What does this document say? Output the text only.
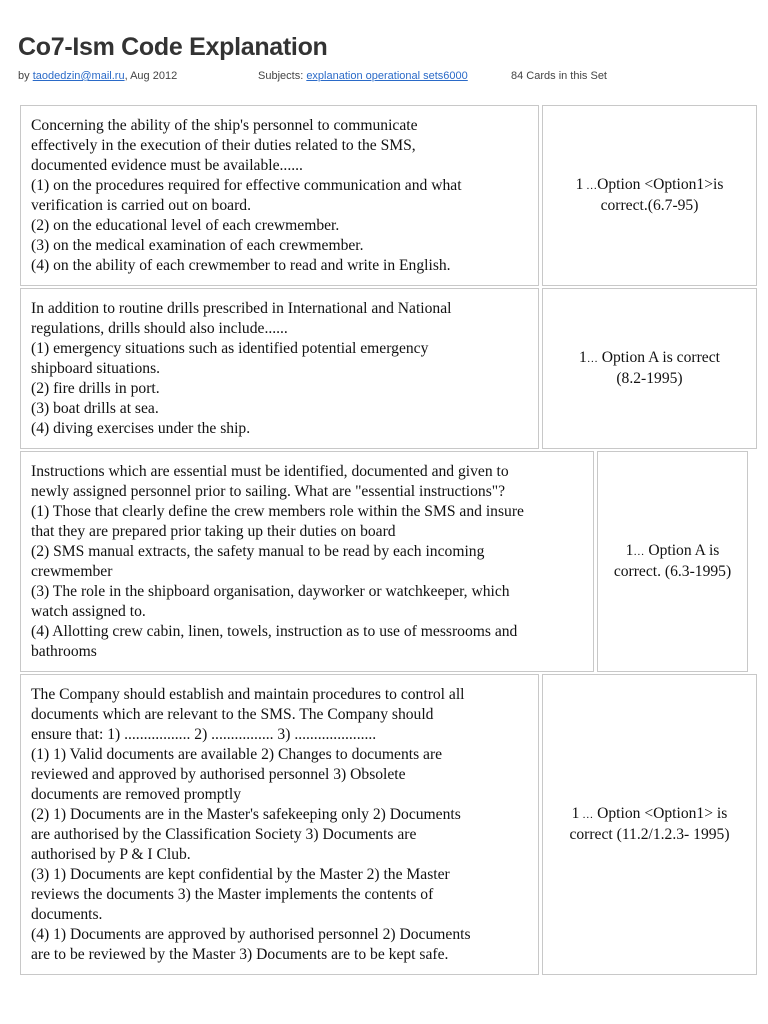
Co7-Ism Code Explanation
by taodedzin@mail.ru, Aug 2012	Subjects: explanation operational sets6000	84 Cards in this Set

Concerning the ability of the ship's personnel to communicate

effectively in the execution of their duties related to the SMS,

documented evidence must be available......

(1) on the procedures required for effective communication and what

verification is carried out on board.

(2) on the educational level of each crewmember.

(3) on the medical examination of each crewmember.

(4) on the ability of each crewmember to read and write in English.

1 …Option <Option1>is

correct.(6.7-95)

In addition to routine drills prescribed in International and National

regulations, drills should also include......

(1) emergency situations such as identified potential emergency

shipboard situations.

(2) fire drills in port.

(3) boat drills at sea.

(4) diving exercises under the ship.

1… Option A is correct

(8.2-1995)

Instructions which are essential must be identified, documented and given to

newly assigned personnel prior to sailing. What are "essential instructions"?

(1) Those that clearly define the crew members role within the SMS and insure

that they are prepared prior taking up their duties on board

(2) SMS manual extracts, the safety manual to be read by each incoming

crewmember

(3) The role in the shipboard organisation, dayworker or watchkeeper, which

watch assigned to.

(4) Allotting crew cabin, linen, towels, instruction as to use of messrooms and

bathrooms

1… Option A is

correct. (6.3-1995)

The Company should establish and maintain procedures to control all

documents which are relevant to the SMS. The Company should

ensure that: 1) ................. 2) ................ 3) .....................

(1) 1) Valid documents are available 2) Changes to documents are

reviewed and approved by authorised personnel 3) Obsolete

documents are removed promptly

(2) 1) Documents are in the Master's safekeeping only 2) Documents

are authorised by the Classification Society 3) Documents are

authorised by P & I Club.

(3) 1) Documents are kept confidential by the Master 2) the Master

reviews the documents 3) the Master implements the contents of

documents.

(4) 1) Documents are approved by authorised personnel 2) Documents

are to be reviewed by the Master 3) Documents are to be kept safe.

1 … Option <Option1> is

correct (11.2/1.2.3- 1995)
